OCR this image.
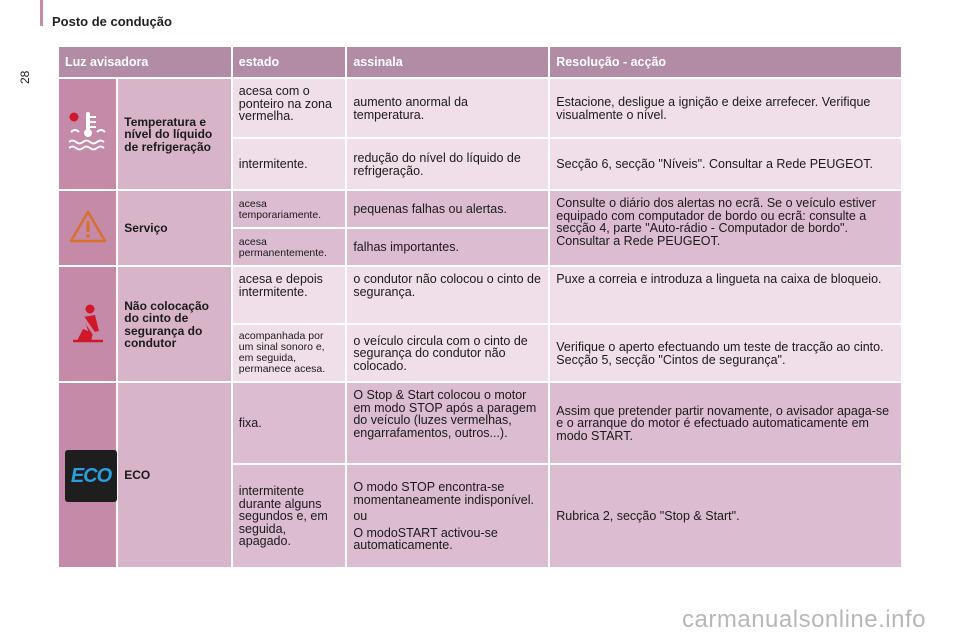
Posto de condução
28
Luz avisadora		estado	assinala	Resolução - acção
	Temperatura e nível do líquido de refrigeração	acesa com o ponteiro na zona vermelha.	aumento anormal da temperatura.	Estacione, desligue a ignição e deixe arrefecer. Verifique visualmente o nível.
		intermitente.	redução do nível do líquido de refrigeração.	Secção 6, secção "Níveis". Consultar a Rede PEUGEOT.
	Serviço	acesa temporariamente.	pequenas falhas ou alertas.	Consulte o diário dos alertas no ecrã. Se o veículo estiver equipado com computador de bordo ou ecrã: consulte a secção 4, parte "Auto-rádio - Computador de bordo". Consultar a Rede PEUGEOT.
		acesa permanentemente.	falhas importantes.	
	Não colocação do cinto de segurança do condutor	acesa e depois intermitente.	o condutor não colocou o cinto de segurança.	Puxe a correia e introduza a lingueta na caixa de bloqueio.
		acompanhada por um sinal sonoro e, em seguida, permanece acesa.	o veículo circula com o cinto de segurança do condutor não colocado.	Verifique o aperto efectuando um teste de tracção ao cinto. Secção 5, secção "Cintos de segurança".
ECO	ECO	fixa.	O Stop & Start colocou o motor em modo STOP após a paragem do veículo (luzes vermelhas, engarrafamentos, outros...).	Assim que pretender partir novamente, o avisador apaga-se e o arranque do motor é efectuado automaticamente em modo START.
		intermitente durante alguns segundos e, em seguida, apagado.	O modo STOP encontra-se momentaneamente indisponível.
ou
O modoSTART activou-se automaticamente.	Rubrica 2, secção "Stop & Start".
carmanualsonline.info
